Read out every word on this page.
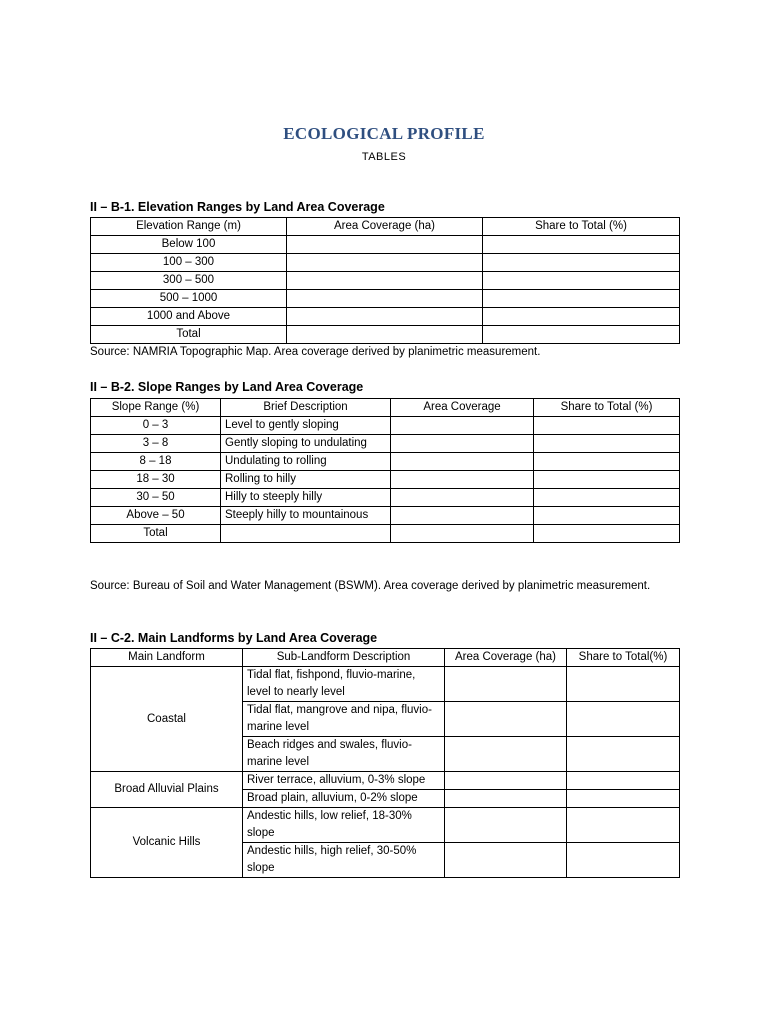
ECOLOGICAL PROFILE
TABLES
II – B-1. Elevation Ranges by Land Area Coverage
Elevation Range (m)	Area Coverage (ha)	Share to Total (%)
Below 100		
100 – 300		
300 – 500		
500 – 1000		
1000 and Above		
Total		
Source: NAMRIA Topographic Map. Area coverage derived by planimetric measurement.
II – B-2. Slope Ranges by Land Area Coverage
Slope Range (%)	Brief Description	Area Coverage	Share to Total (%)
0 – 3	Level to gently sloping		
3 – 8	Gently sloping to undulating		
8 – 18	Undulating to rolling		
18 – 30	Rolling to hilly		
30 – 50	Hilly to steeply hilly		
Above – 50	Steeply hilly to mountainous		
Total			
Source: Bureau of Soil and Water Management (BSWM). Area coverage derived by planimetric measurement.
II – C-2. Main Landforms by Land Area Coverage
Main Landform	Sub-Landform Description	Area Coverage (ha)	Share to Total(%)
Coastal	Tidal flat, fishpond, fluvio-marine, level to nearly level		
	Tidal flat, mangrove and nipa, fluvio-marine level		
	Beach ridges and swales, fluvio-marine level		
Broad Alluvial Plains	River terrace, alluvium, 0-3% slope		
	Broad plain, alluvium, 0-2% slope		
Volcanic Hills	Andestic hills, low relief, 18-30% slope		
	Andestic hills, high relief, 30-50% slope		
